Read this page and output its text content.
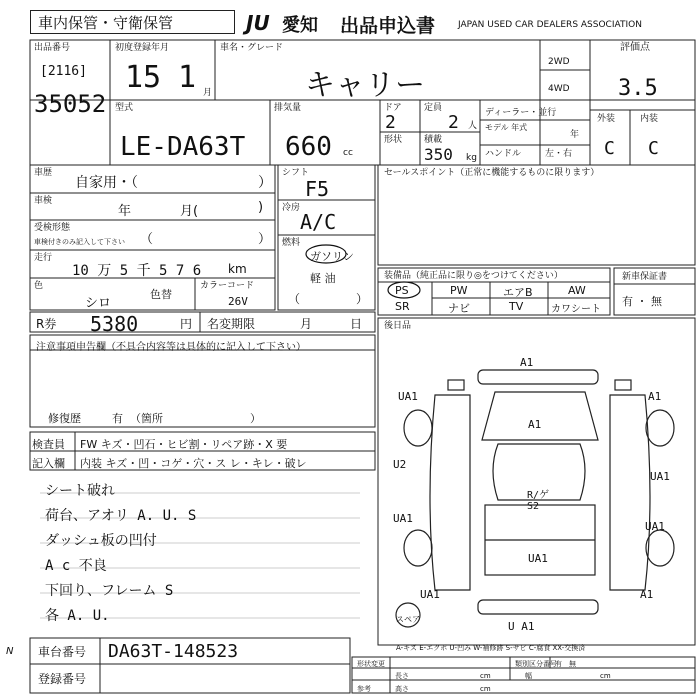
車内保管・守衛保管	JU 愛知 出品申込書	JAPAN USED CAR DEALERS ASSOCIATION
出品番号
[2116]
35052
初度登録年月
15 1 月
車名・グレード
キャリー
2WD
4WD
評価点
3.5
型式
LE-DA63T
排気量
660 cc
ドア
2
形状
定員
2 人
積載
350 kg
ディーラー・並行
モデル 年式
年
ハンドル	左・右
外装	内装
C C
車歴
自家用・（	）
車検
年	月(	)
受検形態
車検付きのみ記入して下さい （	）
走行
10 万 5 千 5 7 6 km
色
シロ
色替
カラーコード
26V
シフト
F5
冷房
A/C
燃料
ガソリン
軽 油
（	）
セールスポイント（正常に機能するものに限ります）
装備品（純正品に限り◎をつけてください）
PS	PW	エアB	AW
SR	ナビ	TV	カワシート
新車保証書
有 ・ 無
R券 5380	円 名変期限	月	日 後日品
注意事項申告欄（不具合内容等は具体的に記入して下さい）
修復歴	有 （箇所	）
検査員
記入欄
FW キズ・凹石・ヒビ割・リペア跡・X 要
内装 キズ・凹・コゲ・穴・ス レ・キレ・破レ
シート破れ
荷台、アオリ A. U. S
ダッシュ板の凹付
A c 不良
下回り、フレーム S
各 A. U.
A1
UA1	A1
A1
U2
UA1
R/ゲ S2
UA1
UA1
UA1
UA1	A1
U A1
スペア
A-キズ E-エクボ U-凹み W-補修跡 S-サビ C-腐食 XX-交換済
車台番号 DA63T-148523
登録番号
N
形状変更	類別区分番号
有　無
参考
長さ	cm	幅	cm
高さ	cm
